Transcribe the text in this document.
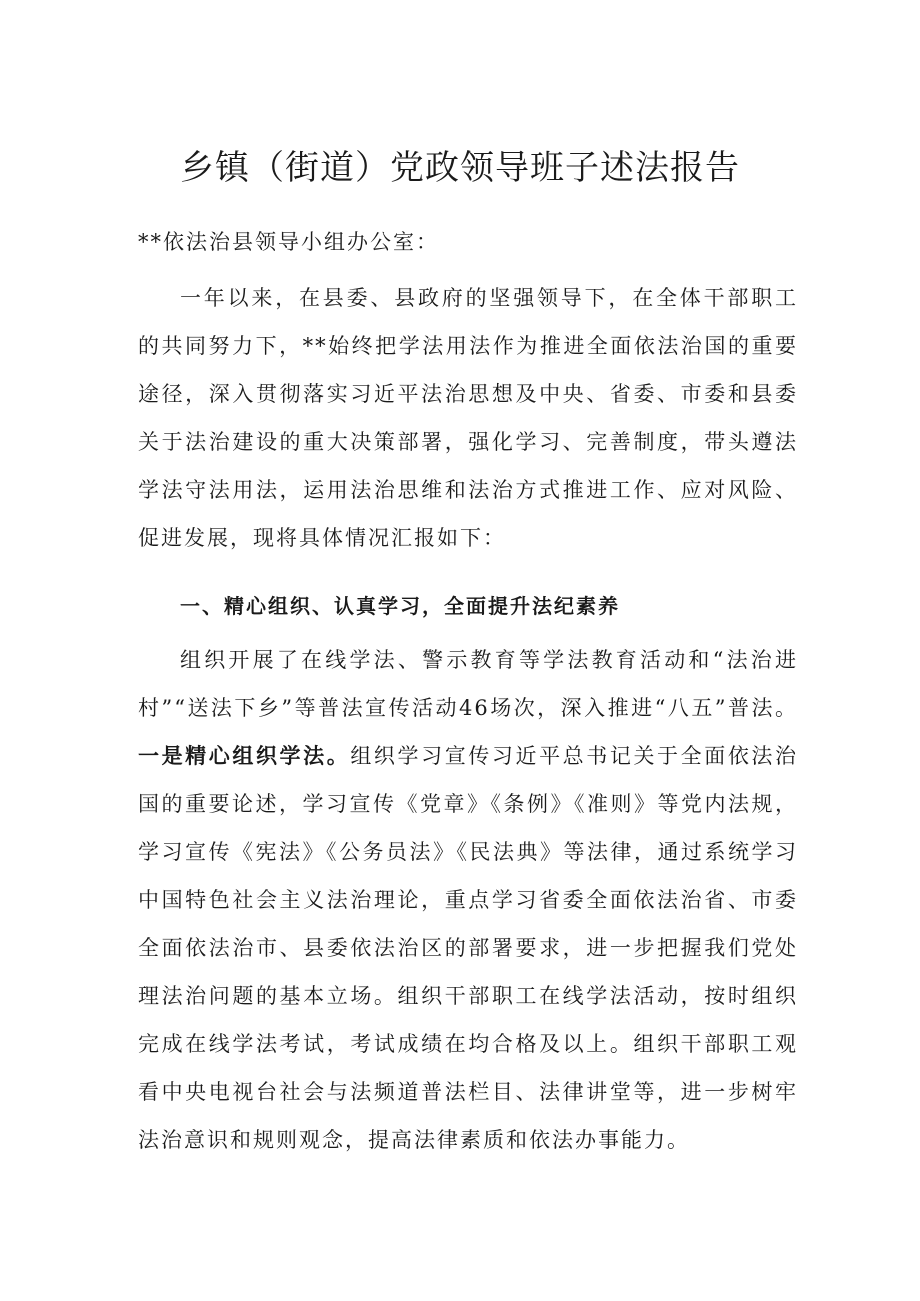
乡镇（街道）党政领导班子述法报告

**依法治县领导小组办公室：

一年以来，在县委、县政府的坚强领导下，在全体干部职工的共同努力下，**始终把学法用法作为推进全面依法治国的重要途径，深入贯彻落实习近平法治思想及中央、省委、市委和县委关于法治建设的重大决策部署，强化学习、完善制度，带头遵法学法守法用法，运用法治思维和法治方式推进工作、应对风险、促进发展，现将具体情况汇报如下：

一、精心组织、认真学习，全面提升法纪素养

组织开展了在线学法、警示教育等学法教育活动和“法治进村”“送法下乡”等普法宣传活动46场次，深入推进“八五”普法。一是精心组织学法。组织学习宣传习近平总书记关于全面依法治国的重要论述，学习宣传《党章》《条例》《准则》等党内法规，学习宣传《宪法》《公务员法》《民法典》等法律，通过系统学习中国特色社会主义法治理论，重点学习省委全面依法治省、市委全面依法治市、县委依法治区的部署要求，进一步把握我们党处理法治问题的基本立场。组织干部职工在线学法活动，按时组织完成在线学法考试，考试成绩在均合格及以上。组织干部职工观看中央电视台社会与法频道普法栏目、法律讲堂等，进一步树牢法治意识和规则观念，提高法律素质和依法办事能力。
